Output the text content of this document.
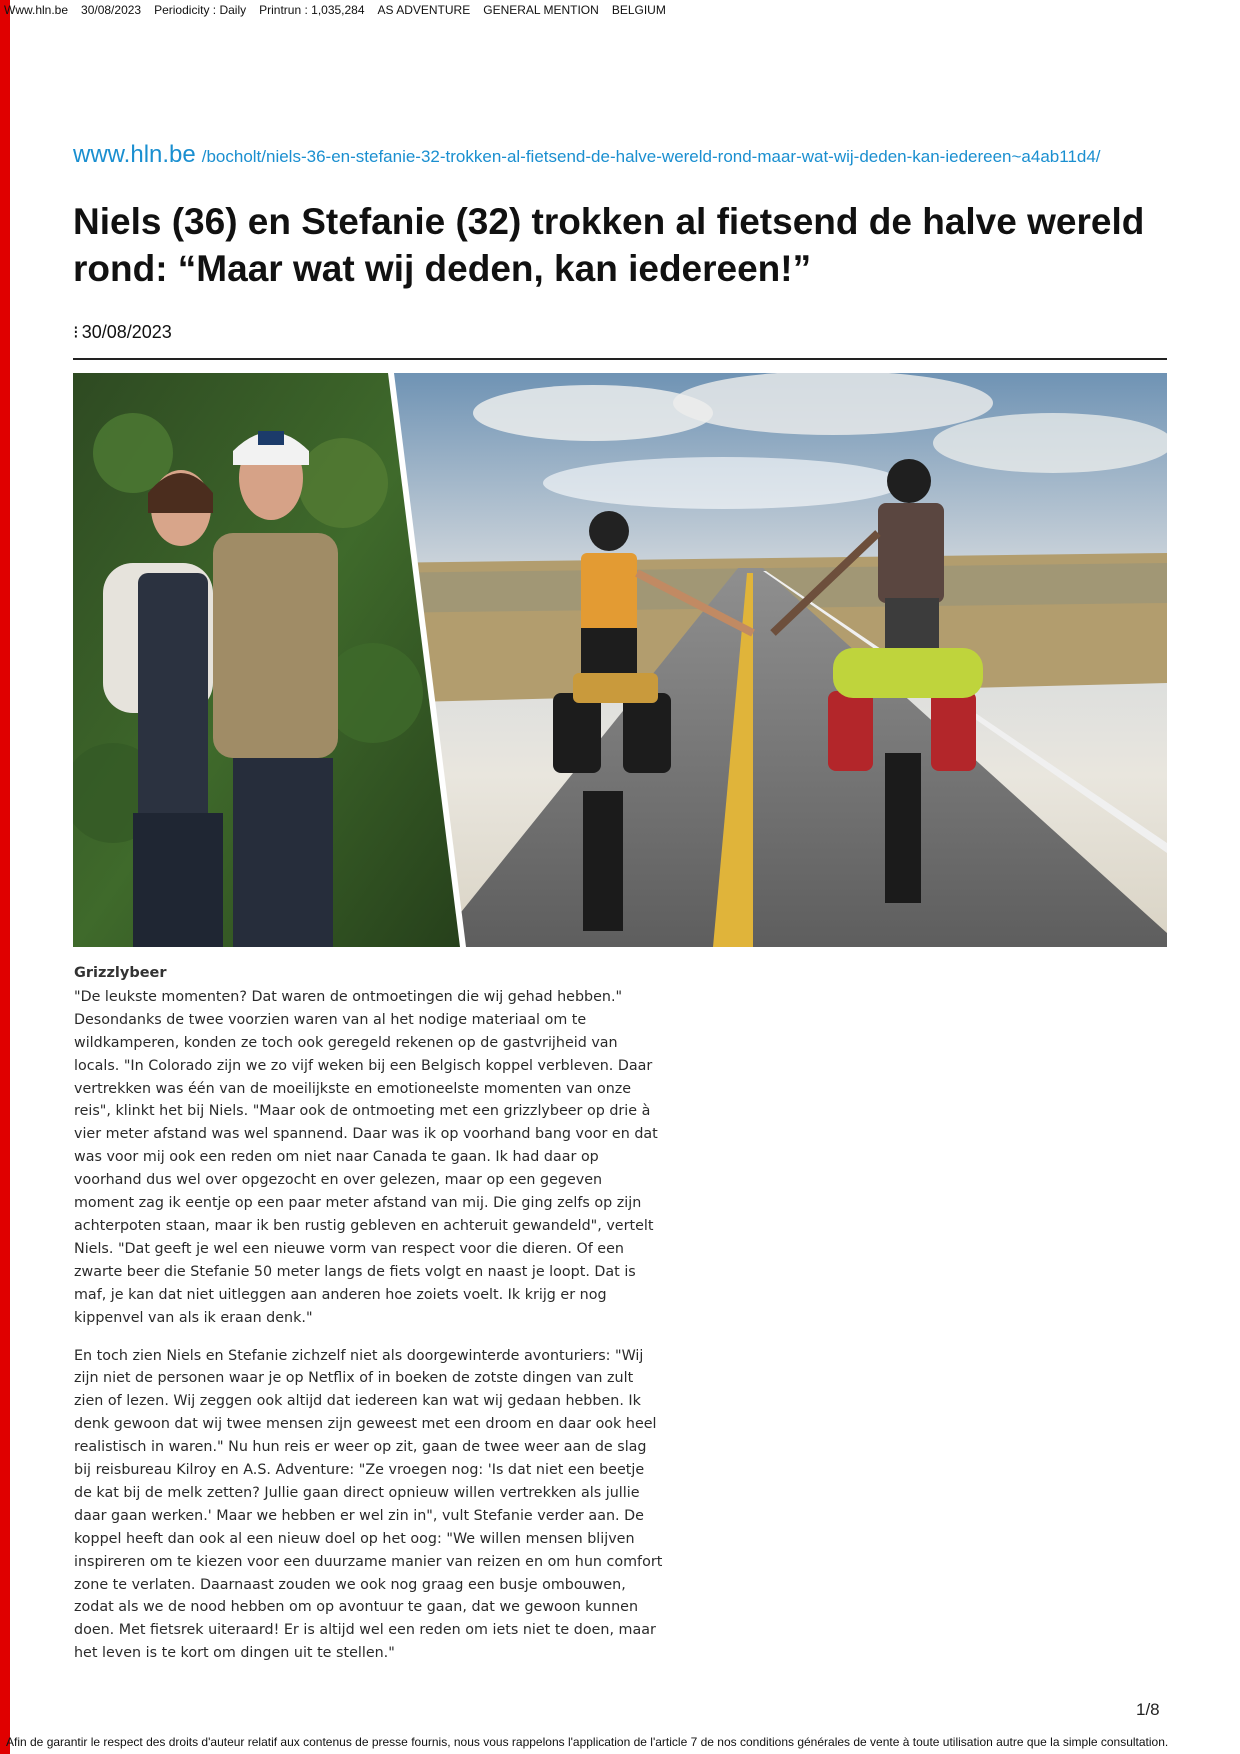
Www.hln.be 30/08/2023 Periodicity : Daily Printrun : 1,035,284 AS ADVENTURE GENERAL MENTION BELGIUM
www.hln.be /bocholt/niels-36-en-stefanie-32-trokken-al-fietsend-de-halve-wereld-rond-maar-wat-wij-deden-kan-iedereen~a4ab11d4/
Niels (36) en Stefanie (32) trokken al fietsend de halve wereld
rond: “Maar wat wij deden, kan iedereen!”
⁝ 30/08/2023
Grizzlybeer

"De leukste momenten? Dat waren de ontmoetingen die wij gehad hebben." Desondanks de twee voorzien waren van al het nodige materiaal om te wildkamperen, konden ze toch ook geregeld rekenen op de gastvrijheid van locals. "In Colorado zijn we zo vijf weken bij een Belgisch koppel verbleven. Daar vertrekken was één van de moeilijkste en emotioneelste momenten van onze reis", klinkt het bij Niels. "Maar ook de ontmoeting met een grizzlybeer op drie à vier meter afstand was wel spannend. Daar was ik op voorhand bang voor en dat was voor mij ook een reden om niet naar Canada te gaan. Ik had daar op voorhand dus wel over opgezocht en over gelezen, maar op een gegeven moment zag ik eentje op een paar meter afstand van mij. Die ging zelfs op zijn achterpoten staan, maar ik ben rustig gebleven en achteruit gewandeld", vertelt Niels. "Dat geeft je wel een nieuwe vorm van respect voor die dieren. Of een zwarte beer die Stefanie 50 meter langs de fiets volgt en naast je loopt. Dat is maf, je kan dat niet uitleggen aan anderen hoe zoiets voelt. Ik krijg er nog kippenvel van als ik eraan denk."

En toch zien Niels en Stefanie zichzelf niet als doorgewinterde avonturiers: "Wij zijn niet de personen waar je op Netflix of in boeken de zotste dingen van zult zien of lezen. Wij zeggen ook altijd dat iedereen kan wat wij gedaan hebben. Ik denk gewoon dat wij twee mensen zijn geweest met een droom en daar ook heel realistisch in waren." Nu hun reis er weer op zit, gaan de twee weer aan de slag bij reisbureau Kilroy en A.S. Adventure: "Ze vroegen nog: 'Is dat niet een beetje de kat bij de melk zetten? Jullie gaan direct opnieuw willen vertrekken als jullie daar gaan werken.' Maar we hebben er wel zin in", vult Stefanie verder aan. De koppel heeft dan ook al een nieuw doel op het oog: "We willen mensen blijven inspireren om te kiezen voor een duurzame manier van reizen en om hun comfort zone te verlaten. Daarnaast zouden we ook nog graag een busje ombouwen, zodat als we de nood hebben om op avontuur te gaan, dat we gewoon kunnen doen. Met fietsrek uiteraard! Er is altijd wel een reden om iets niet te doen, maar het leven is te kort om dingen uit te stellen."

1/8
Afin de garantir le respect des droits d'auteur relatif aux contenus de presse fournis, nous vous rappelons l'application de l'article 7 de nos conditions générales de vente à toute utilisation autre que la simple consultation.
